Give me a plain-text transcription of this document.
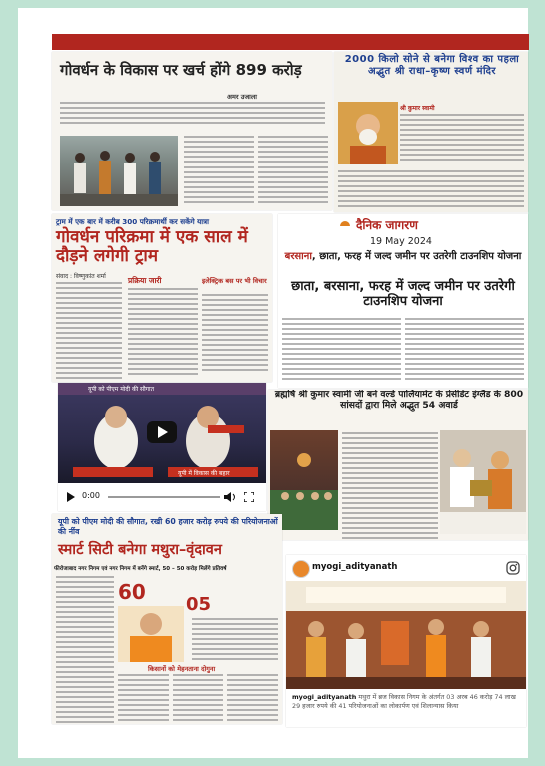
गोवर्धन के विकास पर खर्च होंगे 899 करोड़
अमर उजाला
2000 किलो सोने से बनेगा विश्व का पहला अद्भुत श्री राधा–कृष्ण स्वर्ण मंदिर
श्री कुमार स्वामी
ट्राम में एक बार में करीब 300 परिक्रमार्थी कर सकेंगे यात्रा
गोवर्धन परिक्रमा में एक साल में दौड़ने लगेगी ट्राम
संवाद : विष्णुकांत शर्मा	प्रक्रिया जारी	इलेक्ट्रिक बस पर भी विचार
दैनिक जागरण
19 May 2024
बरसाना, छाता, फरह में जल्द जमीन पर उतरेगी टाउनशिप योजना
छाता, बरसाना, फरह में जल्द जमीन पर उतरेगी टाउनशिप योजना
यूपी को पीएम मोदी की सौगात
यूपी में विकास की बहार
0:00
ब्रह्मर्षि श्री कुमार स्वामी जी बने वर्ल्ड पार्लियामेंट के प्रेसीडेंट इंग्लैंड के 800 सांसदों द्वारा मिले अद्भुत 54 अवार्ड
यूपी को पीएम मोदी की सौगात, रखी 60 हजार करोड़ रुपये की परियोजनाओं की नींव
स्मार्ट सिटी बनेगा मथुरा–वृंदावन
फीरोजाबाद नगर निगम एवं नगर निगम में बनेंगे स्मार्ट, 50 – 50 करोड़ मिलेंगे प्रतिवर्ष
60
05
किसानों को मेहनताना दोगुना
myogi_adityanath
myogi_adityanath मथुरा में ब्रज विकास निगम के अंतर्गत 03 अरब 46 करोड़ 74 लाख 29 हजार रुपये की 41 परियोजनाओं का लोकार्पण एवं शिलान्यास किया
